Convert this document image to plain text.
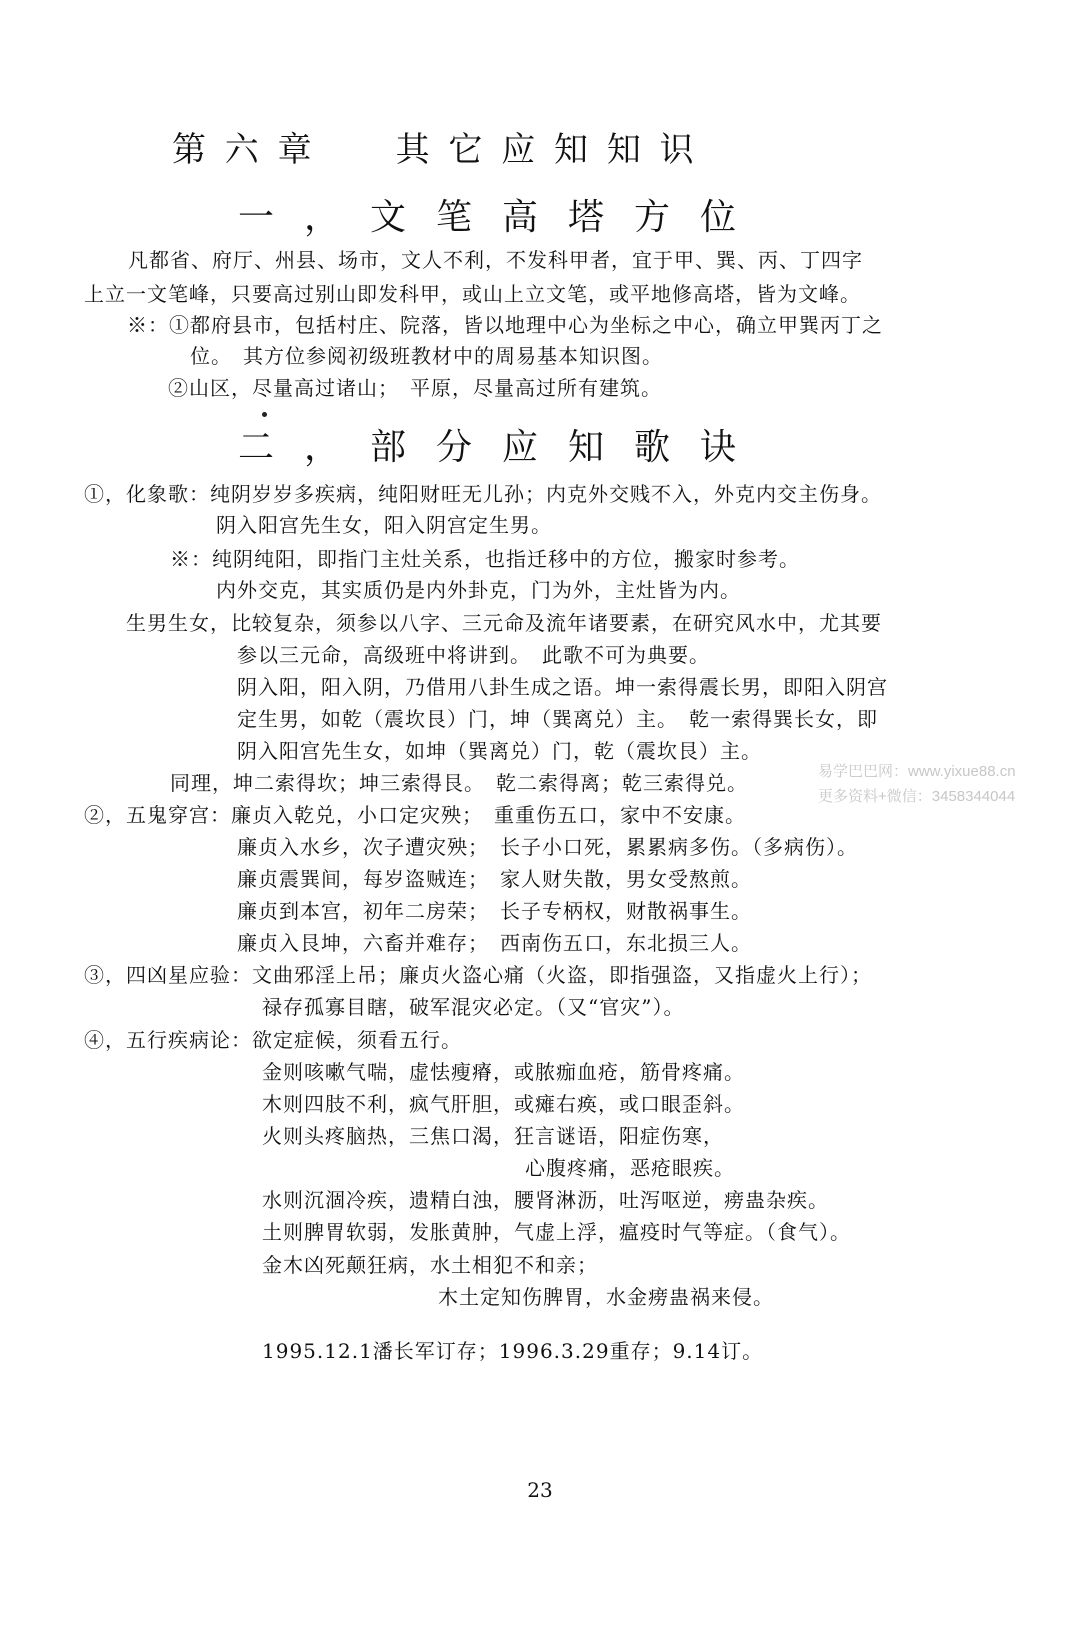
第 六 章 其 它 应 知 知 识
一，文笔高塔方位
凡都省、府厅、州县、场市，文人不利，不发科甲者，宜于甲、巽、丙、丁四字
上立一文笔峰，只要高过别山即发科甲，或山上立文笔，或平地修高塔，皆为文峰。
※：①都府县市，包括村庄、院落，皆以地理中心为坐标之中心，确立甲巽丙丁之
位。　其方位参阅初级班教材中的周易基本知识图。
②山区，尽量高过诸山；　平原，尽量高过所有建筑。
二，部分应知歌诀
①，化象歌：纯阴岁岁多疾病，纯阳财旺无儿孙；内克外交贱不入，外克内交主伤身。
阴入阳宫先生女，阳入阴宫定生男。
※：纯阴纯阳，即指门主灶关系，也指迁移中的方位，搬家时参考。
内外交克，其实质仍是内外卦克，门为外，主灶皆为内。
生男生女，比较复杂，须参以八字、三元命及流年诸要素，在研究风水中，尤其要
参以三元命，高级班中将讲到。　此歌不可为典要。
阴入阳，阳入阴，乃借用八卦生成之语。坤一索得震长男，即阳入阴宫
定生男，如乾（震坎艮）门，坤（巽离兑）主。　乾一索得巽长女，即
阴入阳宫先生女，如坤（巽离兑）门，乾（震坎艮）主。
同理，坤二索得坎；坤三索得艮。　乾二索得离；乾三索得兑。
②，五鬼穿宫：廉贞入乾兑，小口定灾殃；　重重伤五口，家中不安康。
廉贞入水乡，次子遭灾殃；　长子小口死，累累病多伤。（多病伤）。
廉贞震巽间，每岁盗贼连；　家人财失散，男女受熬煎。
廉贞到本宫，初年二房荣；　长子专柄权，财散祸事生。
廉贞入艮坤，六畜并难存；　西南伤五口，东北损三人。
③，四凶星应验：文曲邪淫上吊；廉贞火盗心痛（火盗，即指强盗，又指虚火上行）；
禄存孤寡目瞎，破军混灾必定。（又“官灾”）。
④，五行疾病论：欲定症候，须看五行。
金则咳嗽气喘，虚怯瘦瘠，或脓痂血疮，筋骨疼痛。
木则四肢不利，疯气肝胆，或瘫右痪，或口眼歪斜。
火则头疼脑热，三焦口渴，狂言谜语，阳症伤寒，
心腹疼痛，恶疮眼疾。
水则沉涸冷疾，遗精白浊，腰肾淋沥，吐泻呕逆，痨蛊杂疾。
土则脾胃软弱，发胀黄肿，气虚上浮，瘟疫时气等症。（食气）。
金木凶死颠狂病，水土相犯不和亲；
木土定知伤脾胃，水金痨蛊祸来侵。
1995.12.1潘长军订存；1996.3.29重存；9.14订。
23
易学巴巴网：www.yixue88.cn
更多资料+微信：3458344044
